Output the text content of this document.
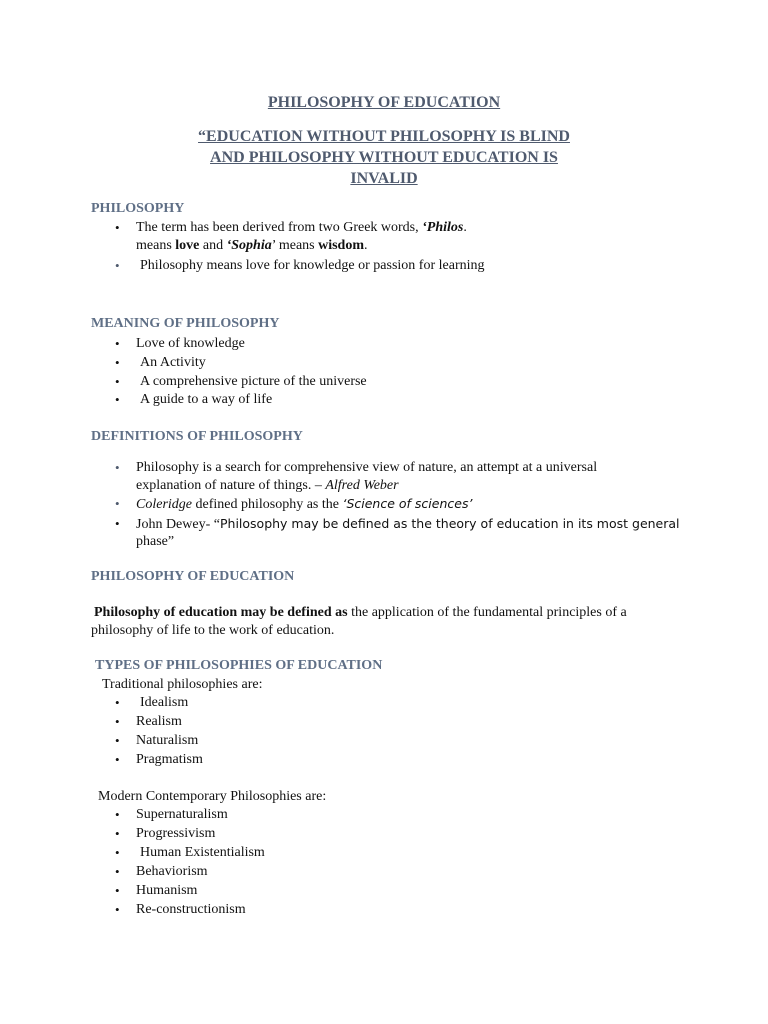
PHILOSOPHY OF EDUCATION
“EDUCATION WITHOUT PHILOSOPHY IS BLIND
AND PHILOSOPHY WITHOUT EDUCATION IS
INVALID
PHILOSOPHY
• The term has been derived from two Greek words, ‘Philos.
means love and ‘Sophia’ means wisdom.
• Philosophy means love for knowledge or passion for learning
MEANING OF PHILOSOPHY
• Love of knowledge
• An Activity
• A comprehensive picture of the universe
• A guide to a way of life
DEFINITIONS OF PHILOSOPHY
• Philosophy is a search for comprehensive view of nature, an attempt at a universal
explanation of nature of things. – Alfred Weber
• Coleridge defined philosophy as the ‘Science of sciences’
• John Dewey- “Philosophy may be defined as the theory of education in its most general
phase”
PHILOSOPHY OF EDUCATION
Philosophy of education may be defined as the application of the fundamental principles of a
philosophy of life to the work of education.
TYPES OF PHILOSOPHIES OF EDUCATION
Traditional philosophies are:
• Idealism
• Realism
• Naturalism
• Pragmatism
Modern Contemporary Philosophies are:
• Supernaturalism
• Progressivism
• Human Existentialism
• Behaviorism
• Humanism
• Re-constructionism
